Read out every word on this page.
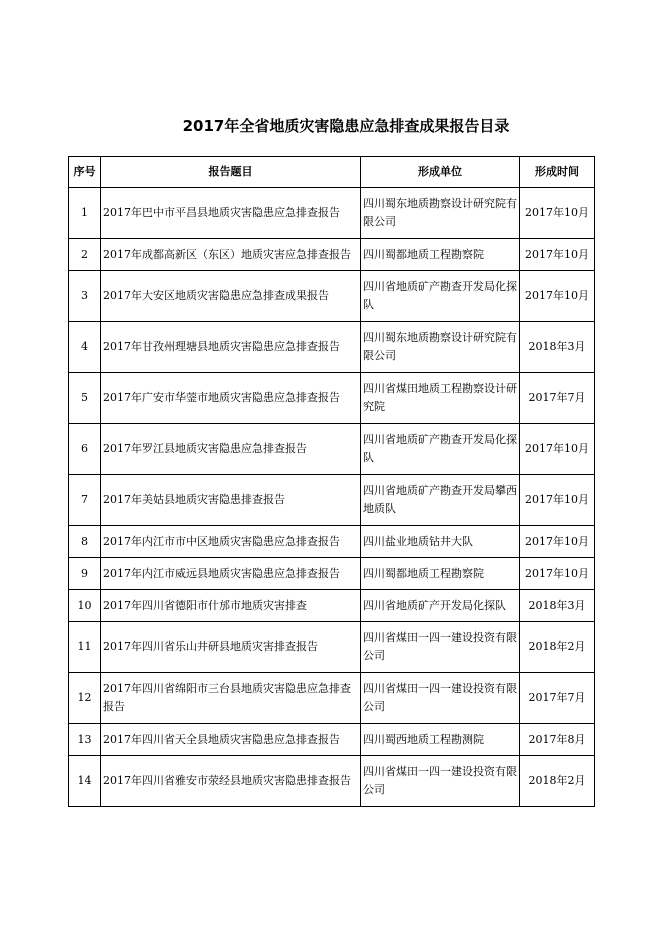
2017年全省地质灾害隐患应急排查成果报告目录
序号	报告题目	形成单位	形成时间
1	2017年巴中市平昌县地质灾害隐患应急排查报告	四川蜀东地质勘察设计研究院有限公司	2017年10月
2	2017年成都高新区（东区）地质灾害应急排查报告	四川蜀都地质工程勘察院	2017年10月
3	2017年大安区地质灾害隐患应急排查成果报告	四川省地质矿产勘查开发局化探队	2017年10月
4	2017年甘孜州理塘县地质灾害隐患应急排查报告	四川蜀东地质勘察设计研究院有限公司	2018年3月
5	2017年广安市华蓥市地质灾害隐患应急排查报告	四川省煤田地质工程勘察设计研究院	2017年7月
6	2017年罗江县地质灾害隐患应急排查报告	四川省地质矿产勘查开发局化探队	2017年10月
7	2017年美姑县地质灾害隐患排查报告	四川省地质矿产勘查开发局攀西地质队	2017年10月
8	2017年内江市市中区地质灾害隐患应急排查报告	四川盐业地质钻井大队	2017年10月
9	2017年内江市威远县地质灾害隐患应急排查报告	四川蜀都地质工程勘察院	2017年10月
10	2017年四川省德阳市什邡市地质灾害排查	四川省地质矿产开发局化探队	2018年3月
11	2017年四川省乐山井研县地质灾害排查报告	四川省煤田一四一建设投资有限公司	2018年2月
12	2017年四川省绵阳市三台县地质灾害隐患应急排查报告	四川省煤田一四一建设投资有限公司	2017年7月
13	2017年四川省天全县地质灾害隐患应急排查报告	四川蜀西地质工程勘测院	2017年8月
14	2017年四川省雅安市荥经县地质灾害隐患排查报告	四川省煤田一四一建设投资有限公司	2018年2月
